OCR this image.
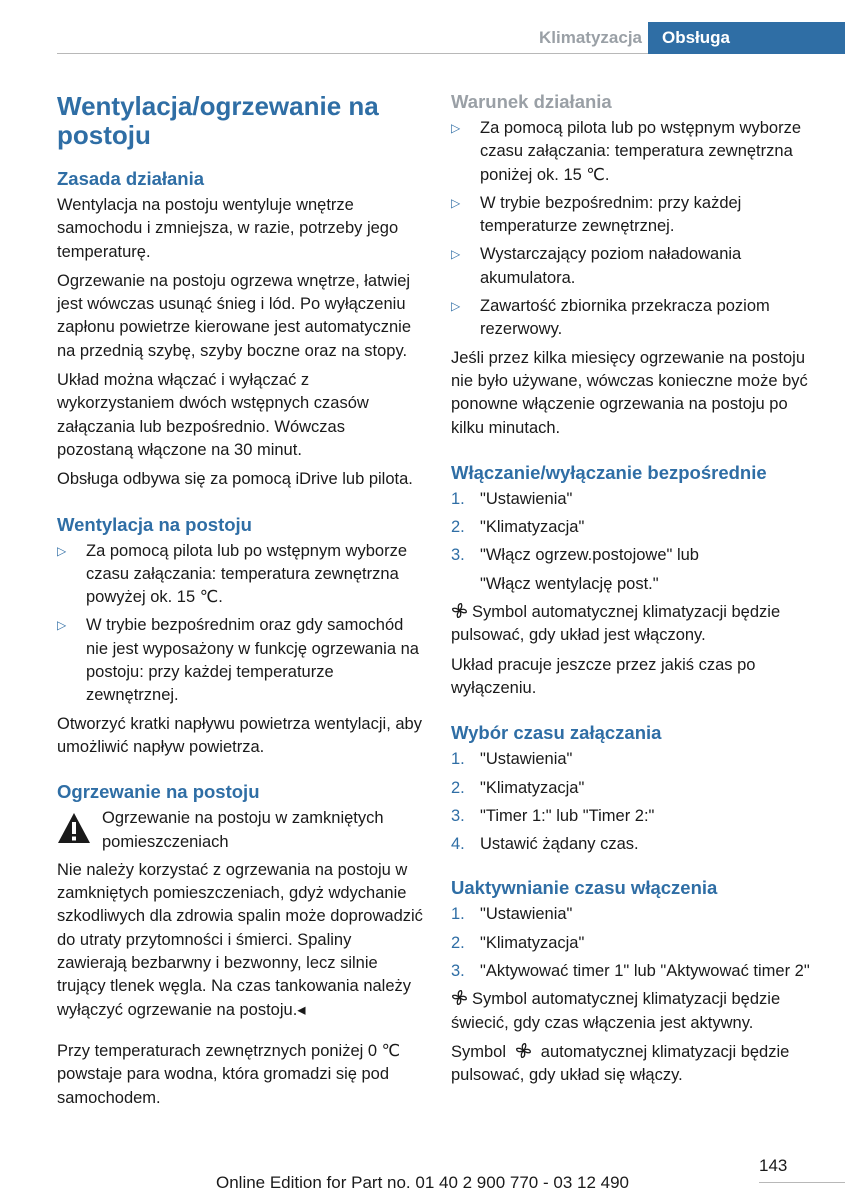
Klimatyzacja	Obsługa
Wentylacja/ogrzewanie na postoju
Zasada działania

Wentylacja na postoju wentyluje wnętrze samochodu i zmniejsza, w razie, potrzeby jego temperaturę.

Ogrzewanie na postoju ogrzewa wnętrze, łatwiej jest wówczas usunąć śnieg i lód. Po wyłączeniu zapłonu powietrze kierowane jest automatycznie na przednią szybę, szyby boczne oraz na stopy.

Układ można włączać i wyłączać z wykorzystaniem dwóch wstępnych czasów załączania lub bezpośrednio. Wówczas pozostaną włączone na 30 minut.

Obsługa odbywa się za pomocą iDrive lub pilota.

Wentylacja na postoju
▷ Za pomocą pilota lub po wstępnym wyborze czasu załączania: temperatura zewnętrzna powyżej ok. 15 ℃.
▷ W trybie bezpośrednim oraz gdy samochód nie jest wyposażony w funkcję ogrzewania na postoju: przy każdej temperaturze zewnętrznej.

Otworzyć kratki napływu powietrza wentylacji, aby umożliwić napływ powietrza.

Ogrzewanie na postoju
Ogrzewanie na postoju w zamkniętych pomieszczeniach

Nie należy korzystać z ogrzewania na postoju w zamkniętych pomieszczeniach, gdyż wdychanie szkodliwych dla zdrowia spalin może doprowadzić do utraty przytomności i śmierci. Spaliny zawierają bezbarwny i bezwonny, lecz silnie trujący tlenek węgla. Na czas tankowania należy wyłączyć ogrzewanie na postoju.◂

Przy temperaturach zewnętrznych poniżej 0 ℃ powstaje para wodna, która gromadzi się pod samochodem.

Warunek działania
▷ Za pomocą pilota lub po wstępnym wyborze czasu załączania: temperatura zewnętrzna poniżej ok. 15 ℃.
▷ W trybie bezpośrednim: przy każdej temperaturze zewnętrznej.
▷ Wystarczający poziom naładowania akumulatora.
▷ Zawartość zbiornika przekracza poziom rezerwowy.

Jeśli przez kilka miesięcy ogrzewanie na postoju nie było używane, wówczas konieczne może być ponowne włączenie ogrzewania na postoju po kilku minutach.

Włączanie/wyłączanie bezpośrednie
1. "Ustawienia"
2. "Klimatyzacja"
3. "Włącz ogrzew.postojowe" lub
"Włącz wentylację post."

Symbol automatycznej klimatyzacji będzie pulsować, gdy układ jest włączony.

Układ pracuje jeszcze przez jakiś czas po wyłączeniu.

Wybór czasu załączania
1. "Ustawienia"
2. "Klimatyzacja"
3. "Timer 1:" lub "Timer 2:"
4. Ustawić żądany czas.
Uaktywnianie czasu włączenia
1. "Ustawienia"
2. "Klimatyzacja"
3. "Aktywować timer 1" lub "Aktywować timer 2"

Symbol automatycznej klimatyzacji będzie świecić, gdy czas włączenia jest aktywny.

Symbol automatycznej klimatyzacji będzie pulsować, gdy układ się włączy.

143
Online Edition for Part no. 01 40 2 900 770 - 03 12 490
